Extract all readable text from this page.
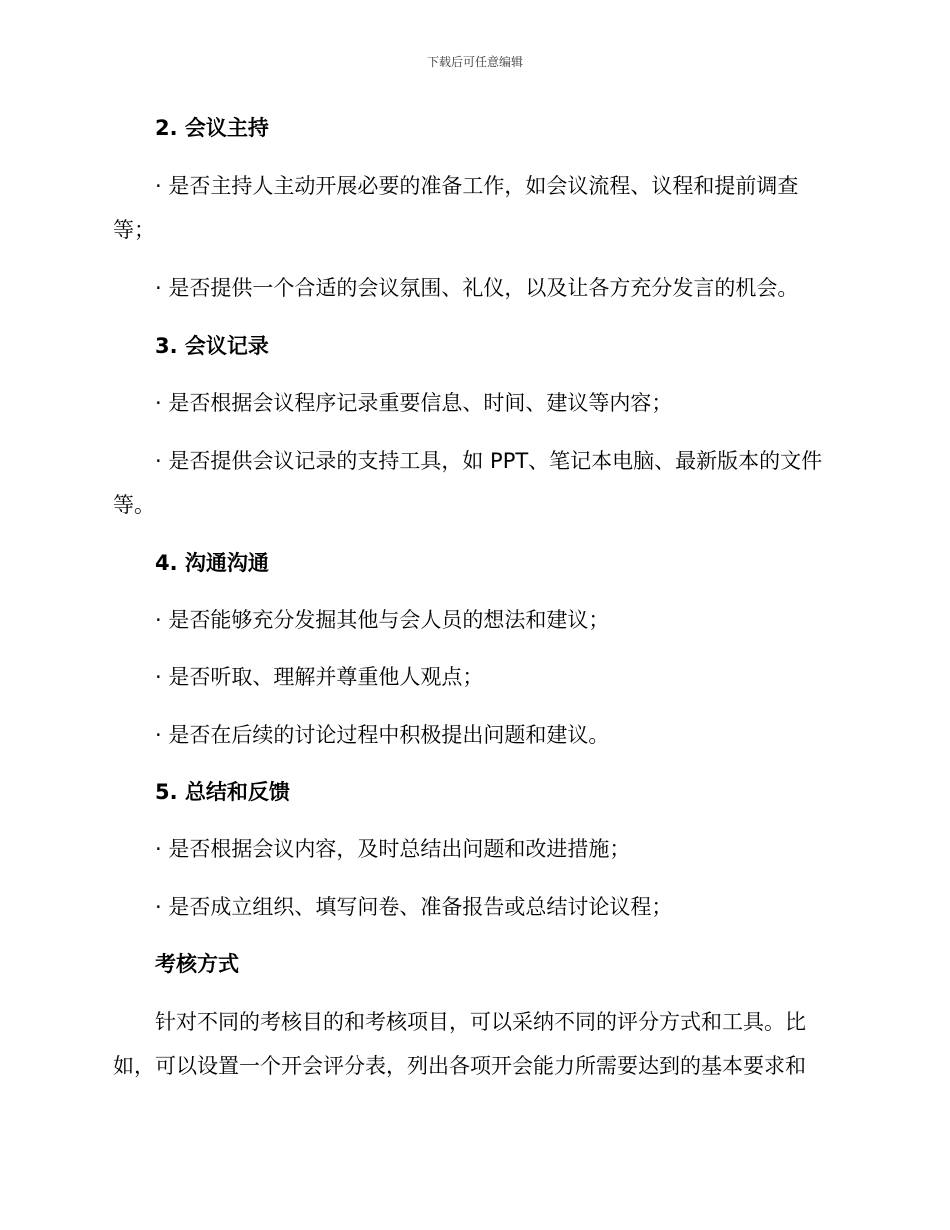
下载后可任意编辑

2. 会议主持

· 是否主持人主动开展必要的准备工作，如会议流程、议程和提前调查等；

· 是否提供一个合适的会议氛围、礼仪，以及让各方充分发言的机会。

3. 会议记录

· 是否根据会议程序记录重要信息、时间、建议等内容；

· 是否提供会议记录的支持工具，如 PPT、笔记本电脑、最新版本的文件等。

4. 沟通沟通

· 是否能够充分发掘其他与会人员的想法和建议；

· 是否听取、理解并尊重他人观点；

· 是否在后续的讨论过程中积极提出问题和建议。

5. 总结和反馈

· 是否根据会议内容，及时总结出问题和改进措施；

· 是否成立组织、填写问卷、准备报告或总结讨论议程；

考核方式

针对不同的考核目的和考核项目，可以采纳不同的评分方式和工具。比如，可以设置一个开会评分表，列出各项开会能力所需要达到的基本要求和
